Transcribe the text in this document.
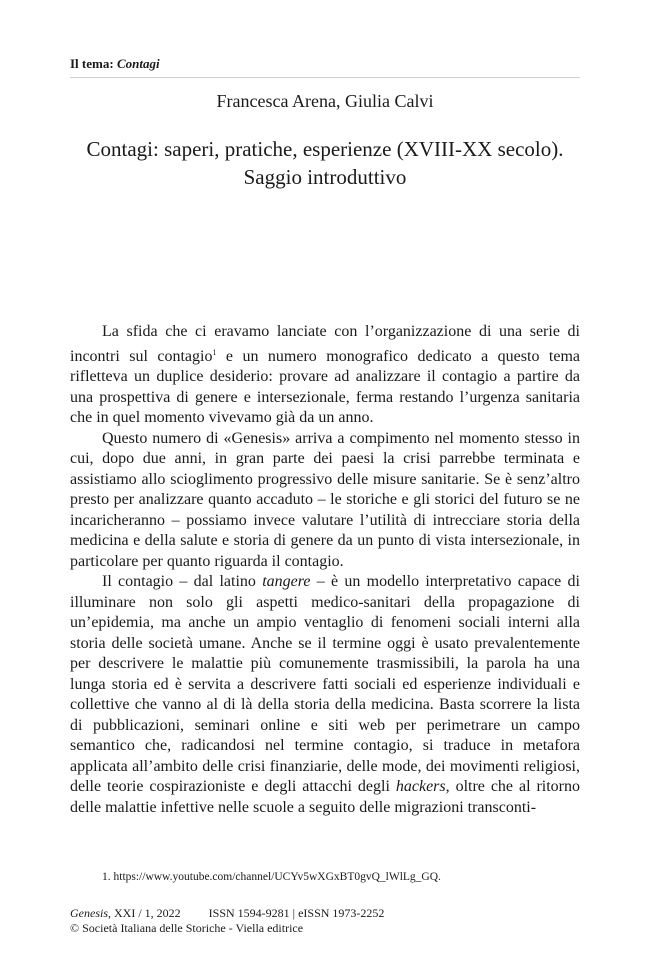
Il tema: Contagi
Francesca Arena, Giulia Calvi
Contagi: saperi, pratiche, esperienze (XVIII-XX secolo).
Saggio introduttivo

La sfida che ci eravamo lanciate con l’organizzazione di una serie di incontri sul contagio$^1$ e un numero monografico dedicato a questo tema rifletteva un duplice desiderio: provare ad analizzare il contagio a partire da una prospettiva di genere e intersezionale, ferma restando l’urgenza sanitaria che in quel momento vivevamo già da un anno.

Questo numero di «Genesis» arriva a compimento nel momento stesso in cui, dopo due anni, in gran parte dei paesi la crisi parrebbe terminata e assistiamo allo scioglimento progressivo delle misure sanitarie. Se è senz’altro presto per analizzare quanto accaduto – le storiche e gli storici del futuro se ne incaricheranno – possiamo invece valutare l’utilità di intrecciare storia della medicina e della salute e storia di genere da un punto di vista intersezionale, in particolare per quanto riguarda il contagio.

Il contagio – dal latino tangere – è un modello interpretativo capace di illuminare non solo gli aspetti medico-sanitari della propagazione di un’epidemia, ma anche un ampio ventaglio di fenomeni sociali interni alla storia delle società umane. Anche se il termine oggi è usato prevalentemente per descrivere le malattie più comunemente trasmissibili, la parola ha una lunga storia ed è servita a descrivere fatti sociali ed esperienze individuali e collettive che vanno al di là della storia della medicina. Basta scorrere la lista di pubblicazioni, seminari online e siti web per perimetrare un campo semantico che, radicandosi nel termine contagio, si traduce in metafora applicata all’ambito delle crisi finanziarie, delle mode, dei movimenti religiosi, delle teorie cospirazioniste e degli attacchi degli hackers, oltre che al ritorno delle malattie infettive nelle scuole a seguito delle migrazioni transconti-

1. https://www.youtube.com/channel/UCYv5wXGxBT0gvQ_lWlLg_GQ.
Genesis, XXI / 1, 2022 ISSN 1594-9281 | eISSN 1973-2252
© Società Italiana delle Storiche - Viella editrice
